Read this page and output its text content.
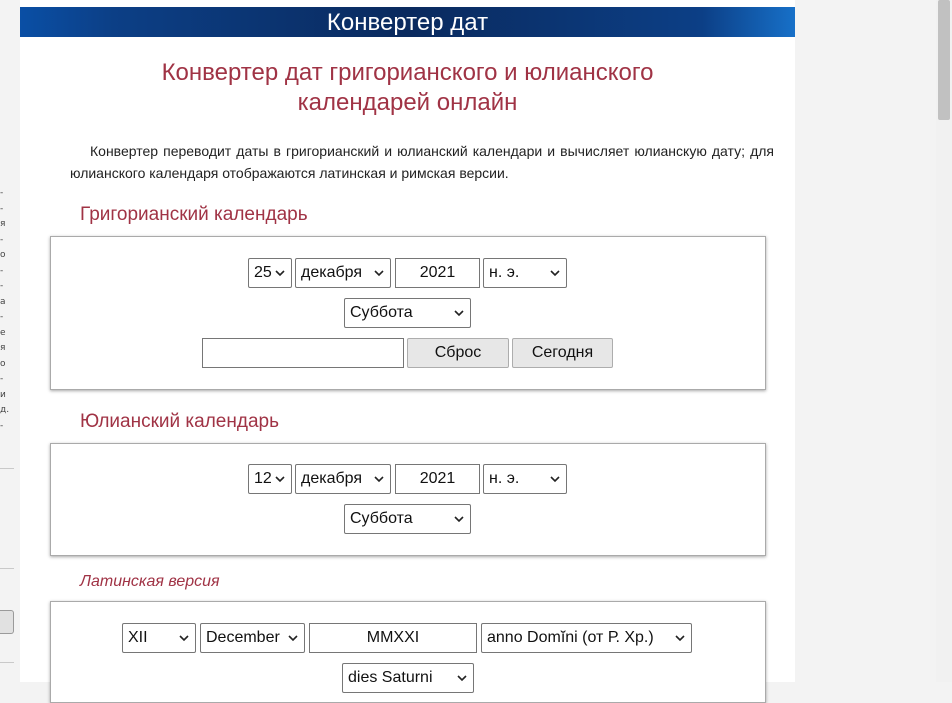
-
-
я
-
о
-
-
а
-
е
я
о
-
и
д.
-
Конвертер дат
Конвертер дат григорианского и юлианского
календарей онлайн
Конвертер переводит даты в григорианский и юлианский календари и вычисляет юлианскую дату; для юлианского календаря отображаются латинская и римская версии.
Григорианский календарь
25	декабря	2021	н. э.
Суббота
Сброс	Сегодня
Юлианский календарь
12	декабря	2021	н. э.
Суббота
Латинская версия
XII	December	MMXXI	anno Domĭni (от Р. Хр.)
dies Saturni
